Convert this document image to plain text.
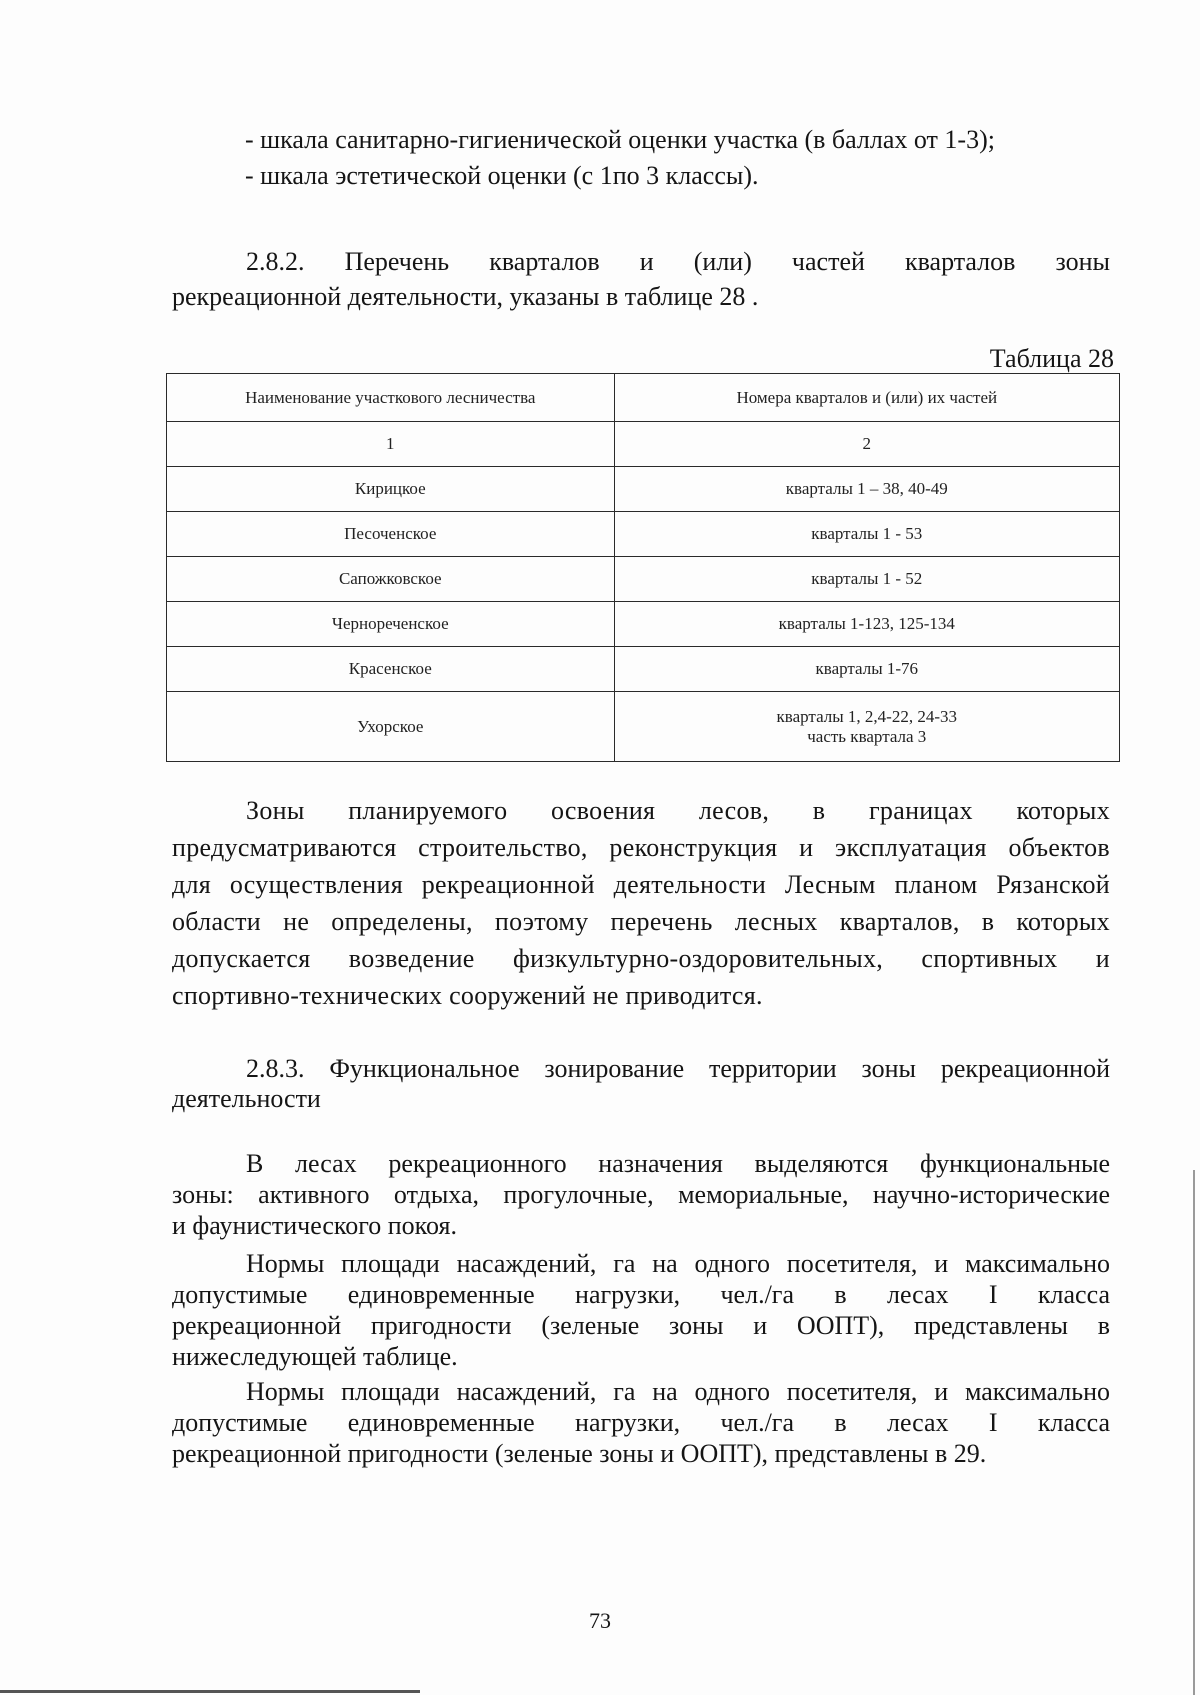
- шкала санитарно-гигиенической оценки участка (в баллах от 1-3);
- шкала эстетической оценки (с 1по 3 классы).
2.8.2. Перечень кварталов и (или) частей кварталов зоны
рекреационной деятельности, указаны в таблице 28 .
Таблица 28
Наименование участкового лесничества	Номера кварталов и (или) их частей
1	2
Кирицкое	кварталы 1 – 38, 40-49
Песоченское	кварталы 1 - 53
Сапожковское	кварталы 1 - 52
Чернореченское	кварталы 1-123, 125-134
Красенское	кварталы 1-76
Ухорское	кварталы 1, 2,4-22, 24-33
часть квартала 3
Зоны планируемого освоения лесов, в границах которых
предусматриваются строительство, реконструкция и эксплуатация объектов
для осуществления рекреационной деятельности Лесным планом Рязанской
области не определены, поэтому перечень лесных кварталов, в которых
допускается возведение физкультурно-оздоровительных, спортивных и
спортивно-технических сооружений не приводится.
2.8.3. Функциональное зонирование территории зоны рекреационной
деятельности
В лесах рекреационного назначения выделяются функциональные
зоны: активного отдыха, прогулочные, мемориальные, научно-исторические
и фаунистического покоя.
Нормы площади насаждений, га на одного посетителя, и максимально
допустимые единовременные нагрузки, чел./га в лесах I класса
рекреационной пригодности (зеленые зоны и ООПТ), представлены в
нижеследующей таблице.
Нормы площади насаждений, га на одного посетителя, и максимально
допустимые единовременные нагрузки, чел./га в лесах I класса
рекреационной пригодности (зеленые зоны и ООПТ), представлены в 29.
73
